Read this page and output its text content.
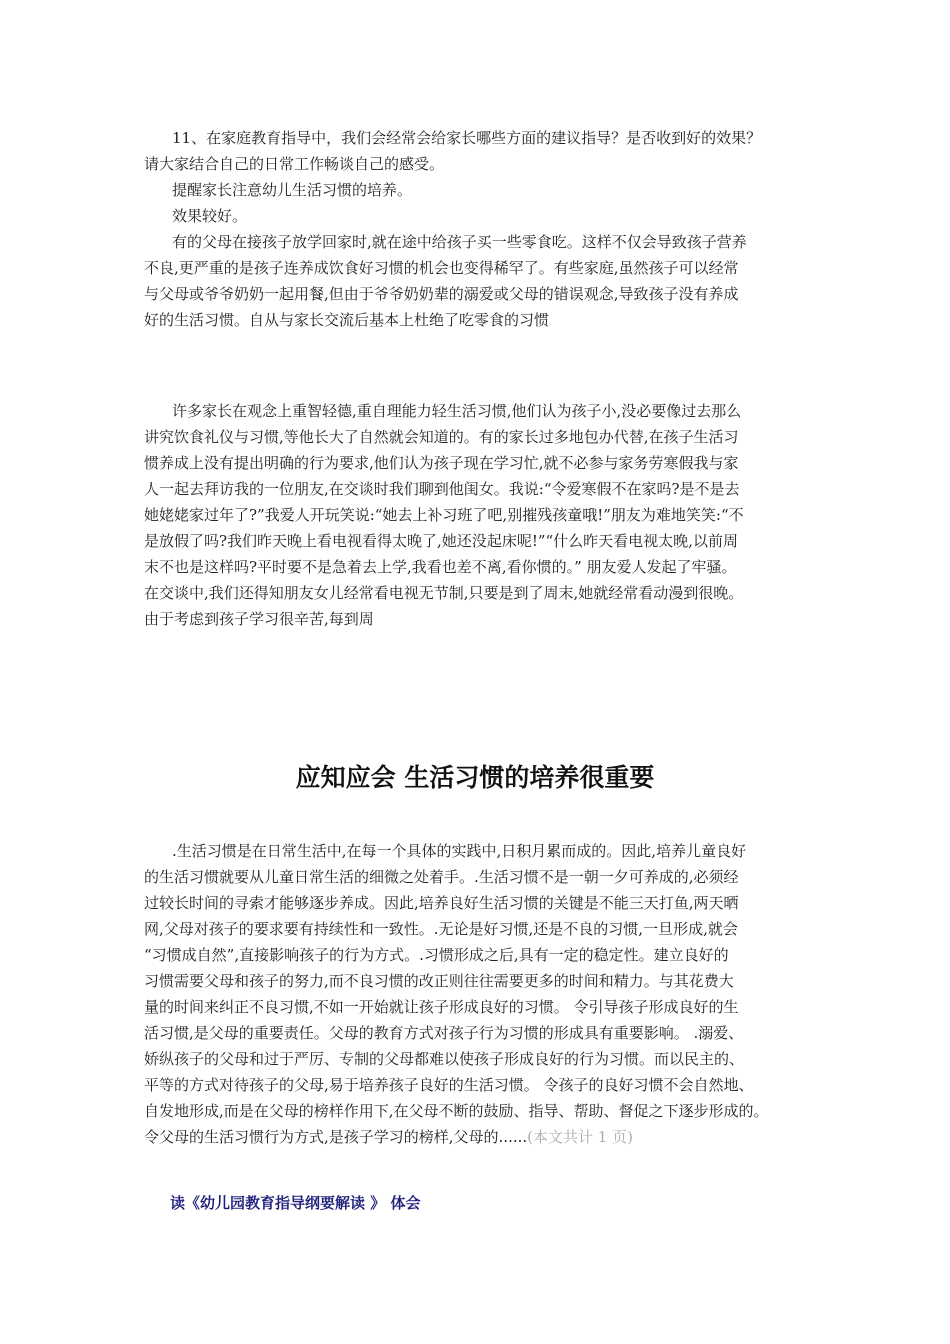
11、在家庭教育指导中，我们会经常会给家长哪些方面的建议指导？是否收到好的效果？
请大家结合自己的日常工作畅谈自己的感受。
提醒家长注意幼儿生活习惯的培养。
效果较好。
有的父母在接孩子放学回家时,就在途中给孩子买一些零食吃。这样不仅会导致孩子营养
不良,更严重的是孩子连养成饮食好习惯的机会也变得稀罕了。有些家庭,虽然孩子可以经常
与父母或爷爷奶奶一起用餐,但由于爷爷奶奶辈的溺爱或父母的错误观念,导致孩子没有养成
好的生活习惯。自从与家长交流后基本上杜绝了吃零食的习惯
许多家长在观念上重智轻德,重自理能力轻生活习惯,他们认为孩子小,没必要像过去那么
讲究饮食礼仪与习惯,等他长大了自然就会知道的。有的家长过多地包办代替,在孩子生活习
惯养成上没有提出明确的行为要求,他们认为孩子现在学习忙,就不必参与家务劳寒假我与家
人一起去拜访我的一位朋友,在交谈时我们聊到他闺女。我说:“令爱寒假不在家吗?是不是去
她姥姥家过年了?”我爱人开玩笑说:“她去上补习班了吧,别摧残孩童哦!”朋友为难地笑笑:“不
是放假了吗?我们昨天晚上看电视看得太晚了,她还没起床呢!”“什么昨天看电视太晚,以前周
末不也是这样吗?平时要不是急着去上学,我看也差不离,看你惯的。” 朋友爱人发起了牢骚。
在交谈中,我们还得知朋友女儿经常看电视无节制,只要是到了周末,她就经常看动漫到很晚。
由于考虑到孩子学习很辛苦,每到周
应知应会 生活习惯的培养很重要
.生活习惯是在日常生活中,在每一个具体的实践中,日积月累而成的。因此,培养儿童良好
的生活习惯就要从儿童日常生活的细微之处着手。.生活习惯不是一朝一夕可养成的,必须经
过较长时间的寻索才能够逐步养成。因此,培养良好生活习惯的关键是不能三天打鱼,两天晒
网,父母对孩子的要求要有持续性和一致性。.无论是好习惯,还是不良的习惯,一旦形成,就会
“习惯成自然”,直接影响孩子的行为方式。.习惯形成之后,具有一定的稳定性。建立良好的
习惯需要父母和孩子的努力,而不良习惯的改正则往往需要更多的时间和精力。与其花费大
量的时间来纠正不良习惯,不如一开始就让孩子形成良好的习惯。 令引导孩子形成良好的生
活习惯,是父母的重要责任。父母的教育方式对孩子行为习惯的形成具有重要影响。 .溺爱、
娇纵孩子的父母和过于严厉、专制的父母都难以使孩子形成良好的行为习惯。而以民主的、
平等的方式对待孩子的父母,易于培养孩子良好的生活习惯。 令孩子的良好习惯不会自然地、
自发地形成,而是在父母的榜样作用下,在父母不断的鼓励、指导、帮助、督促之下逐步形成的。
令父母的生活习惯行为方式,是孩子学习的榜样,父母的......(本文共计 1 页)
读《幼儿园教育指导纲要解读 》 体会
